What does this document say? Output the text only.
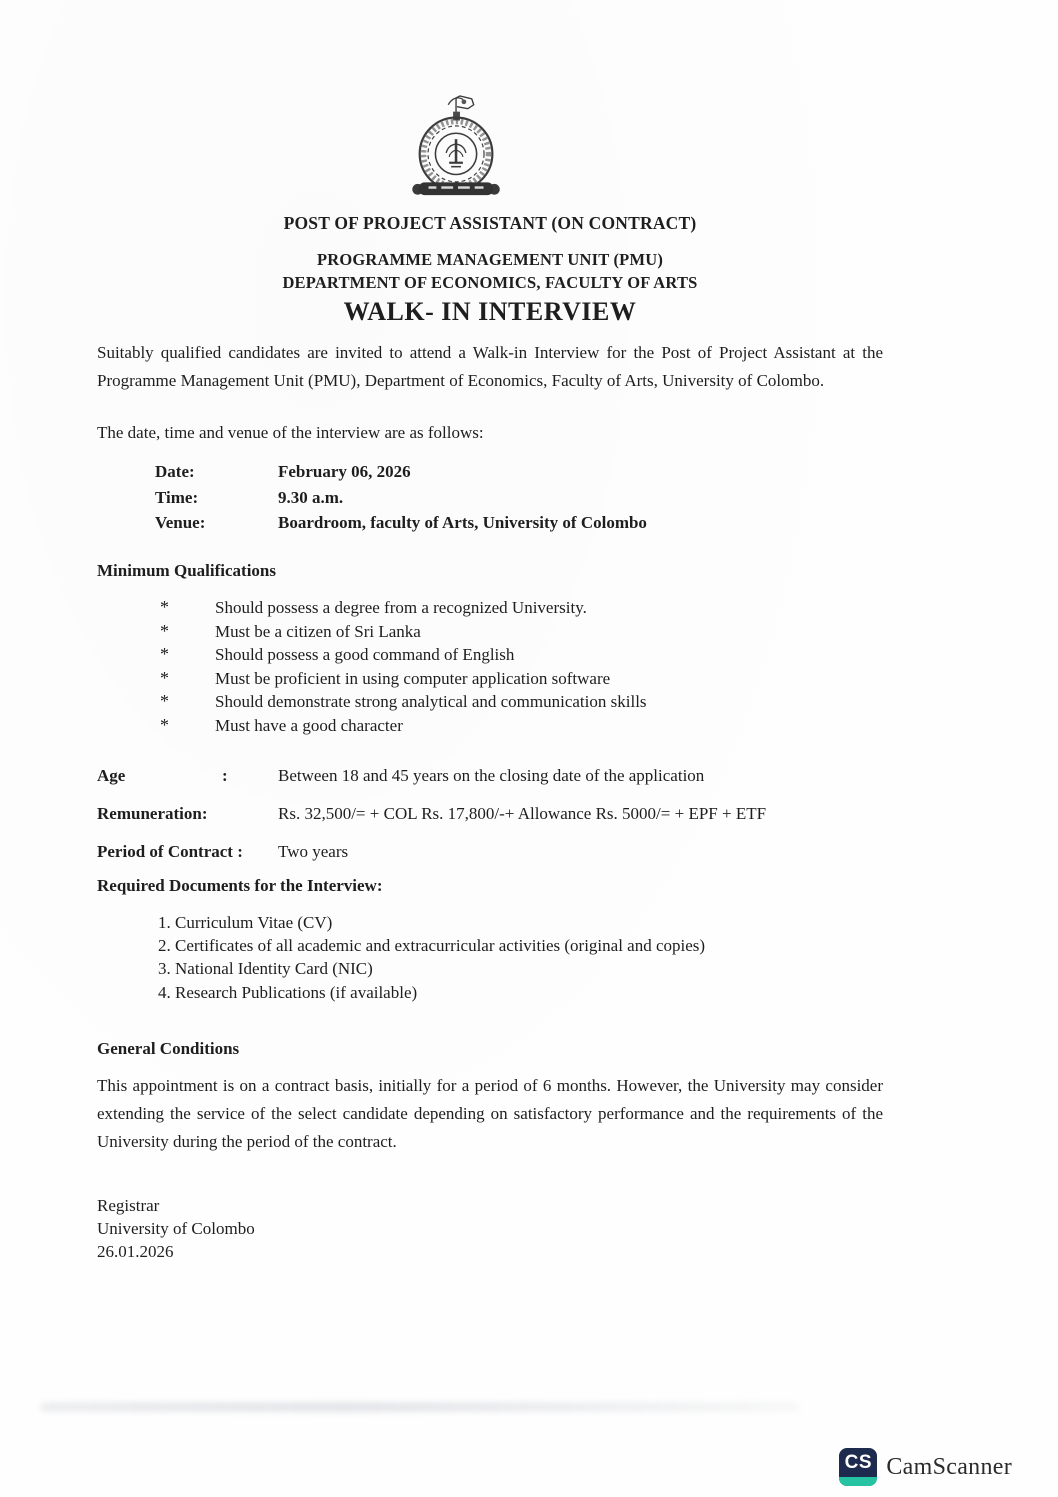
POST OF PROJECT ASSISTANT (ON CONTRACT)
PROGRAMME MANAGEMENT UNIT (PMU)
DEPARTMENT OF ECONOMICS, FACULTY OF ARTS
WALK- IN INTERVIEW

Suitably qualified candidates are invited to attend a Walk-in Interview for the Post of Project Assistant at the Programme Management Unit (PMU), Department of Economics, Faculty of Arts, University of Colombo.

The date, time and venue of the interview are as follows:
Date:	February 06, 2026
Time:	9.30 a.m.
Venue:	Boardroom, faculty of Arts, University of Colombo
Minimum Qualifications
*	Should possess a degree from a recognized University.
*	Must be a citizen of Sri Lanka
*	Should possess a good command of English
*	Must be proficient in using computer application software
*	Should demonstrate strong analytical and communication skills
*	Must have a good character
Age	:	Between 18 and 45 years on the closing date of the application
Remuneration:	Rs. 32,500/= + COL Rs. 17,800/-+ Allowance Rs. 5000/= + EPF + ETF
Period of Contract :	Two years
Required Documents for the Interview:
1. Curriculum Vitae (CV)
2. Certificates of all academic and extracurricular activities (original and copies)
3. National Identity Card (NIC)
4. Research Publications (if available)
General Conditions

This appointment is on a contract basis, initially for a period of 6 months. However, the University may consider extending the service of the select candidate depending on satisfactory performance and the requirements of the University during the period of the contract.

Registrar
University of Colombo
26.01.2026
CS CamScanner
